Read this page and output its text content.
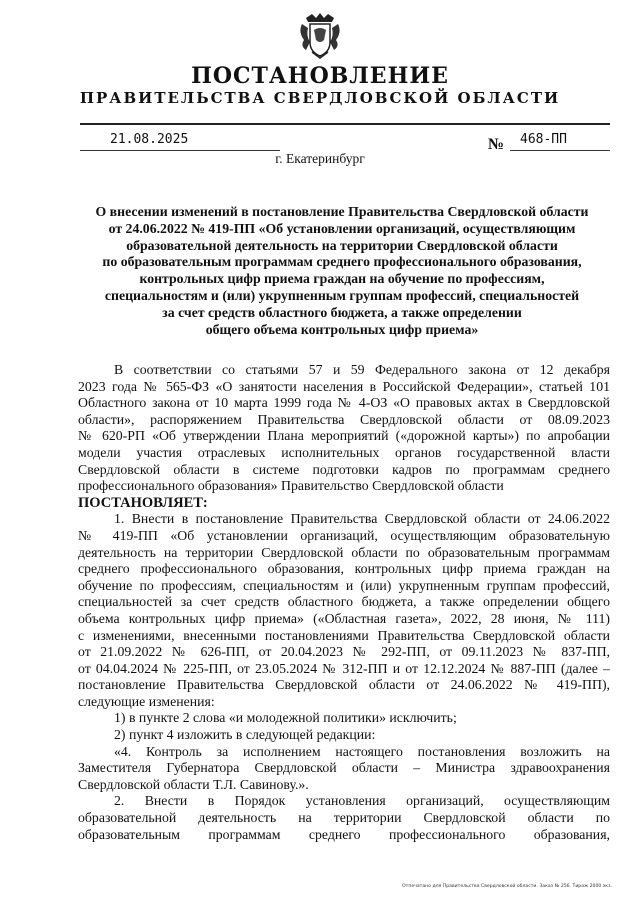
ПОСТАНОВЛЕНИЕ
ПРАВИТЕЛЬСТВА СВЕРДЛОВСКОЙ ОБЛАСТИ
21.08.2025	№ 468-ПП
г. Екатеринбург
О внесении изменений в постановление Правительства Свердловской области
от 24.06.2022 № 419-ПП «Об установлении организаций, осуществляющим
образовательной деятельность на территории Свердловской области
по образовательным программам среднего профессионального образования,
контрольных цифр приема граждан на обучение по профессиям,
специальностям и (или) укрупненным группам профессий, специальностей
за счет средств областного бюджета, а также определении
общего объема контрольных цифр приема»
В соответствии со статьями 57 и 59 Федерального закона от 12 декабря
2023 года № 565-ФЗ «О занятости населения в Российской Федерации», статьей 101
Областного закона от 10 марта 1999 года № 4-ОЗ «О правовых актах в Свердловской
области», распоряжением Правительства Свердловской области от 08.09.2023
№ 620-РП «Об утверждении Плана мероприятий («дорожной карты») по апробации
модели участия отраслевых исполнительных органов государственной власти
Свердловской области в системе подготовки кадров по программам среднего
профессионального образования» Правительство Свердловской области
ПОСТАНОВЛЯЕТ:
1. Внести в постановление Правительства Свердловской области от 24.06.2022
№ 419-ПП «Об установлении организаций, осуществляющим образовательную
деятельность на территории Свердловской области по образовательным программам
среднего профессионального образования, контрольных цифр приема граждан на
обучение по профессиям, специальностям и (или) укрупненным группам профессий,
специальностей за счет средств областного бюджета, а также определении общего
объема контрольных цифр приема» («Областная газета», 2022, 28 июня, № 111)
с изменениями, внесенными постановлениями Правительства Свердловской области
от 21.09.2022 № 626-ПП, от 20.04.2023 № 292-ПП, от 09.11.2023 № 837-ПП,
от 04.04.2024 № 225-ПП, от 23.05.2024 № 312-ПП и от 12.12.2024 № 887-ПП (далее –
постановление Правительства Свердловской области от 24.06.2022 № 419-ПП),
следующие изменения:
1) в пункте 2 слова «и молодежной политики» исключить;
2) пункт 4 изложить в следующей редакции:
«4. Контроль за исполнением настоящего постановления возложить на
Заместителя Губернатора Свердловской области – Министра здравоохранения
Свердловской области Т.Л. Савинову.».
2. Внести в Порядок установления организаций, осуществляющим
образовательной деятельность на территории Свердловской области по
образовательным программам среднего профессионального образования,
Отпечатано для Правительства Свердловской области. Заказ № 256. Тираж 2000 экз.
